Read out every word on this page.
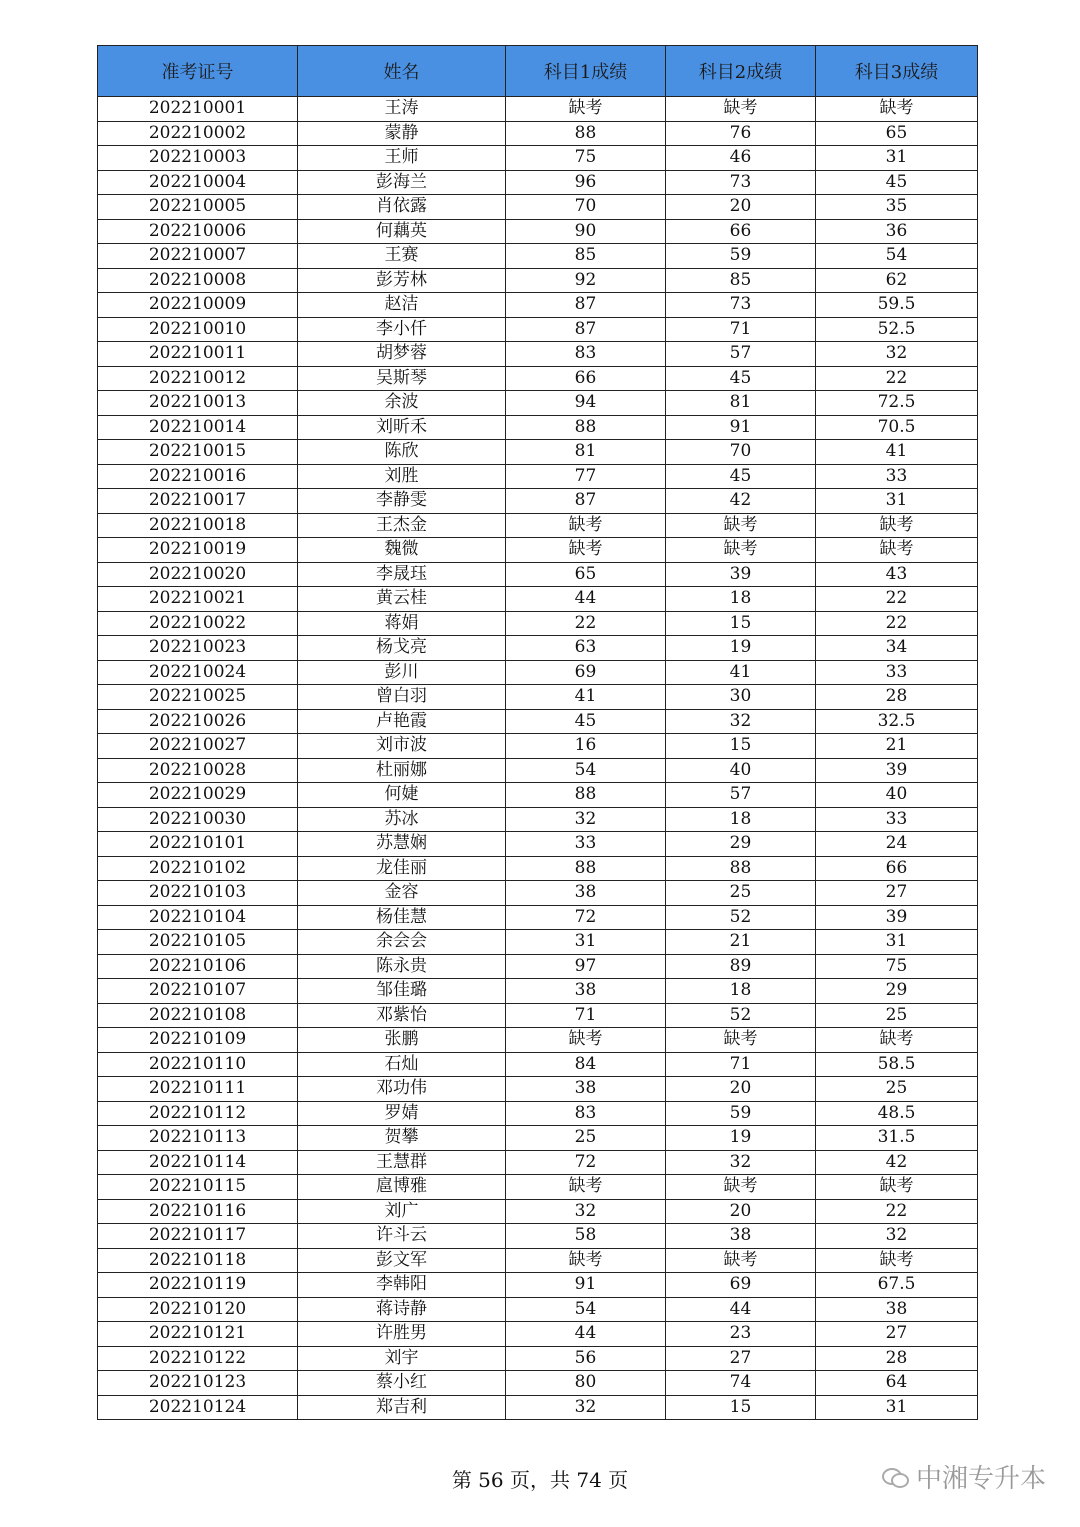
准考证号	姓名	科目1成绩	科目2成绩	科目3成绩
202210001	王涛	缺考	缺考	缺考
202210002	蒙静	88	76	65
202210003	王师	75	46	31
202210004	彭海兰	96	73	45
202210005	肖依露	70	20	35
202210006	何藕英	90	66	36
202210007	王赛	85	59	54
202210008	彭芳林	92	85	62
202210009	赵洁	87	73	59.5
202210010	李小仟	87	71	52.5
202210011	胡梦蓉	83	57	32
202210012	吴斯琴	66	45	22
202210013	余波	94	81	72.5
202210014	刘昕禾	88	91	70.5
202210015	陈欣	81	70	41
202210016	刘胜	77	45	33
202210017	李静雯	87	42	31
202210018	王杰金	缺考	缺考	缺考
202210019	魏微	缺考	缺考	缺考
202210020	李晟珏	65	39	43
202210021	黄云桂	44	18	22
202210022	蒋娟	22	15	22
202210023	杨戈亮	63	19	34
202210024	彭川	69	41	33
202210025	曾白羽	41	30	28
202210026	卢艳霞	45	32	32.5
202210027	刘市波	16	15	21
202210028	杜丽娜	54	40	39
202210029	何婕	88	57	40
202210030	苏冰	32	18	33
202210101	苏慧娴	33	29	24
202210102	龙佳丽	88	88	66
202210103	金容	38	25	27
202210104	杨佳慧	72	52	39
202210105	余会会	31	21	31
202210106	陈永贵	97	89	75
202210107	邹佳璐	38	18	29
202210108	邓紫怡	71	52	25
202210109	张鹏	缺考	缺考	缺考
202210110	石灿	84	71	58.5
202210111	邓功伟	38	20	25
202210112	罗婧	83	59	48.5
202210113	贺攀	25	19	31.5
202210114	王慧群	72	32	42
202210115	扈博雅	缺考	缺考	缺考
202210116	刘广	32	20	22
202210117	许斗云	58	38	32
202210118	彭文军	缺考	缺考	缺考
202210119	李韩阳	91	69	67.5
202210120	蒋诗静	54	44	38
202210121	许胜男	44	23	27
202210122	刘宇	56	27	28
202210123	蔡小红	80	74	64
202210124	郑吉利	32	15	31
第 56 页，共 74 页	中湘专升本
